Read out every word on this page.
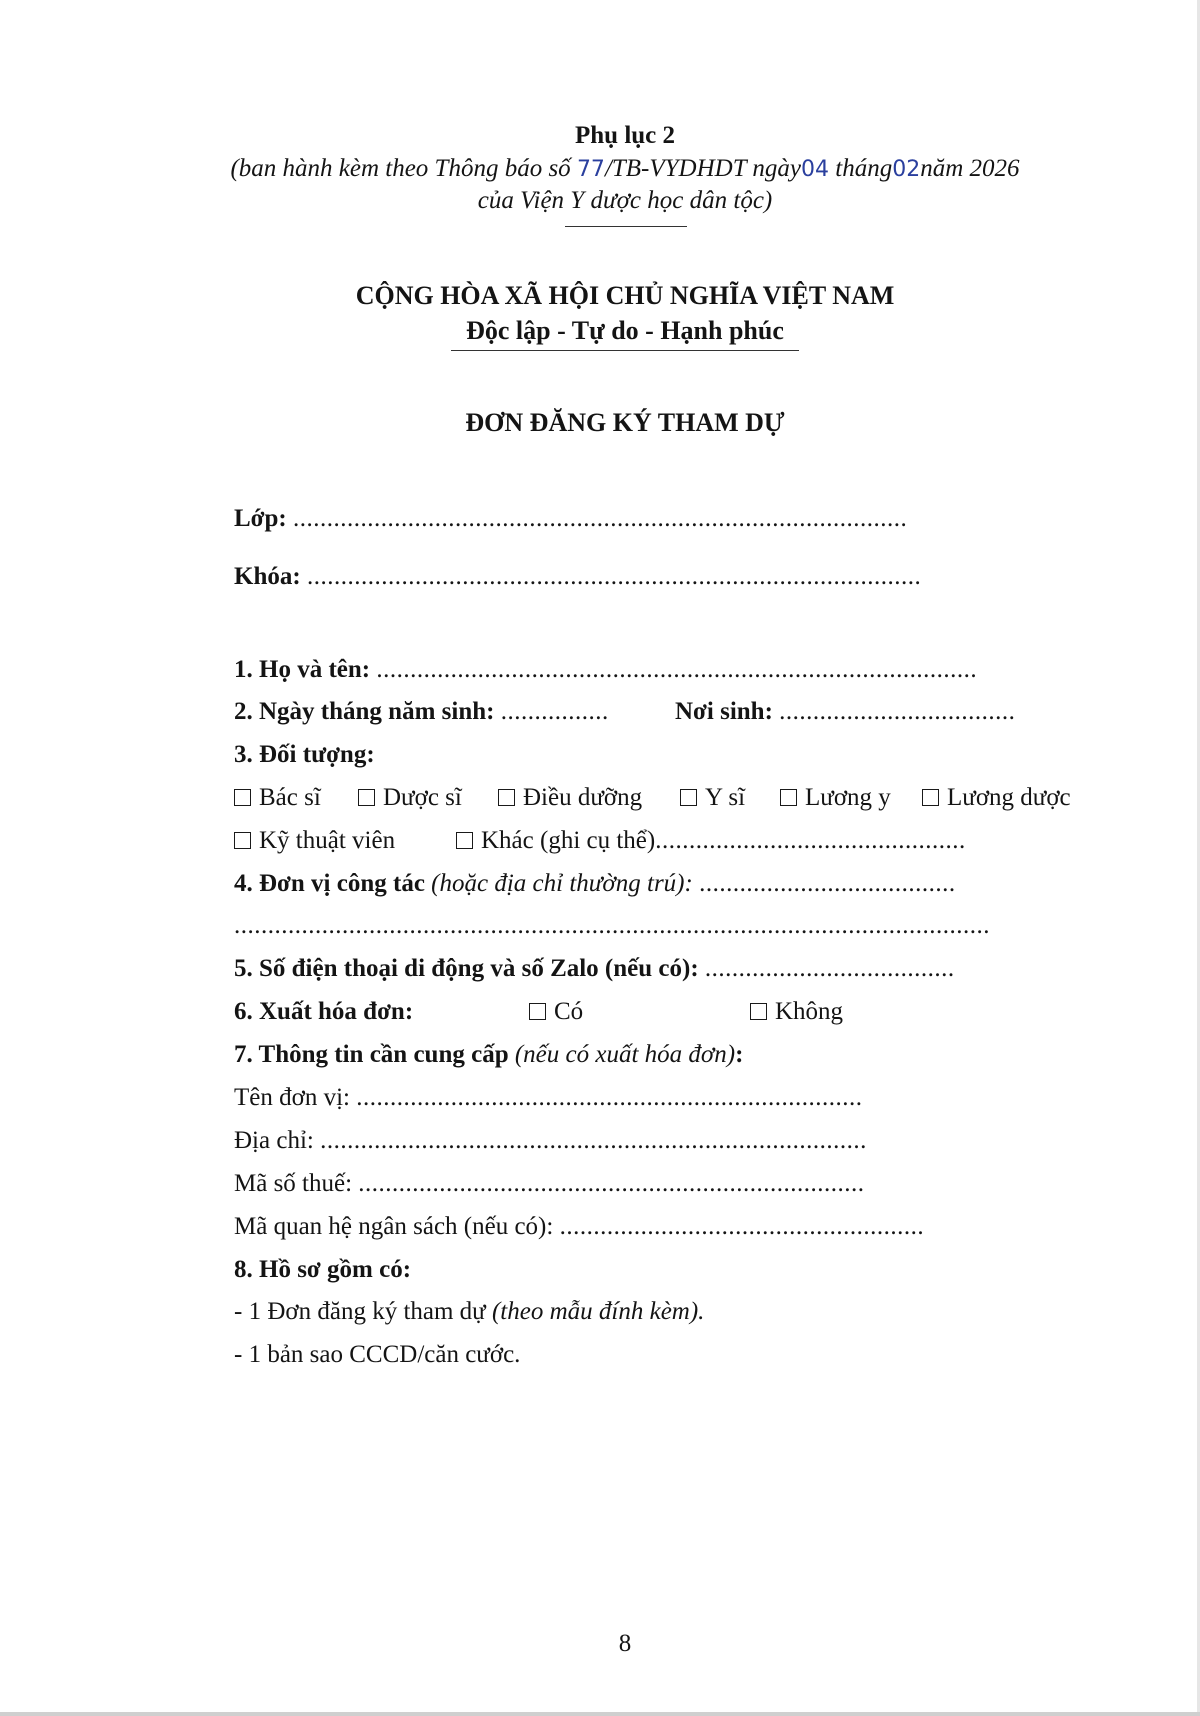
Phụ lục 2
(ban hành kèm theo Thông báo số 77/TB-VYDHDT ngày04 tháng02năm 2026
của Viện Y dược học dân tộc)
CỘNG HÒA XÃ HỘI CHỦ NGHĨA VIỆT NAM
Độc lập - Tự do - Hạnh phúc
ĐƠN ĐĂNG KÝ THAM DỰ
Lớp: ...........................................................................................
Khóa: ...........................................................................................
1. Họ và tên: .........................................................................................
2. Ngày tháng năm sinh: ................	Nơi sinh: ...................................
3. Đối tượng:
Bác sĩ	Dược sĩ	Điều dưỡng	Y sĩ	Lương y	Lương dược
Kỹ thuật viên	Khác (ghi cụ thể)..............................................
4. Đơn vị công tác (hoặc địa chỉ thường trú): ......................................
................................................................................................................
5. Số điện thoại di động và số Zalo (nếu có): .....................................
6. Xuất hóa đơn:	Có	Không
7. Thông tin cần cung cấp (nếu có xuất hóa đơn):
Tên đơn vị: ...........................................................................
Địa chỉ: .................................................................................
Mã số thuế: ...........................................................................
Mã quan hệ ngân sách (nếu có): ......................................................
8. Hồ sơ gồm có:
- 1 Đơn đăng ký tham dự (theo mẫu đính kèm).
- 1 bản sao CCCD/căn cước.
8
